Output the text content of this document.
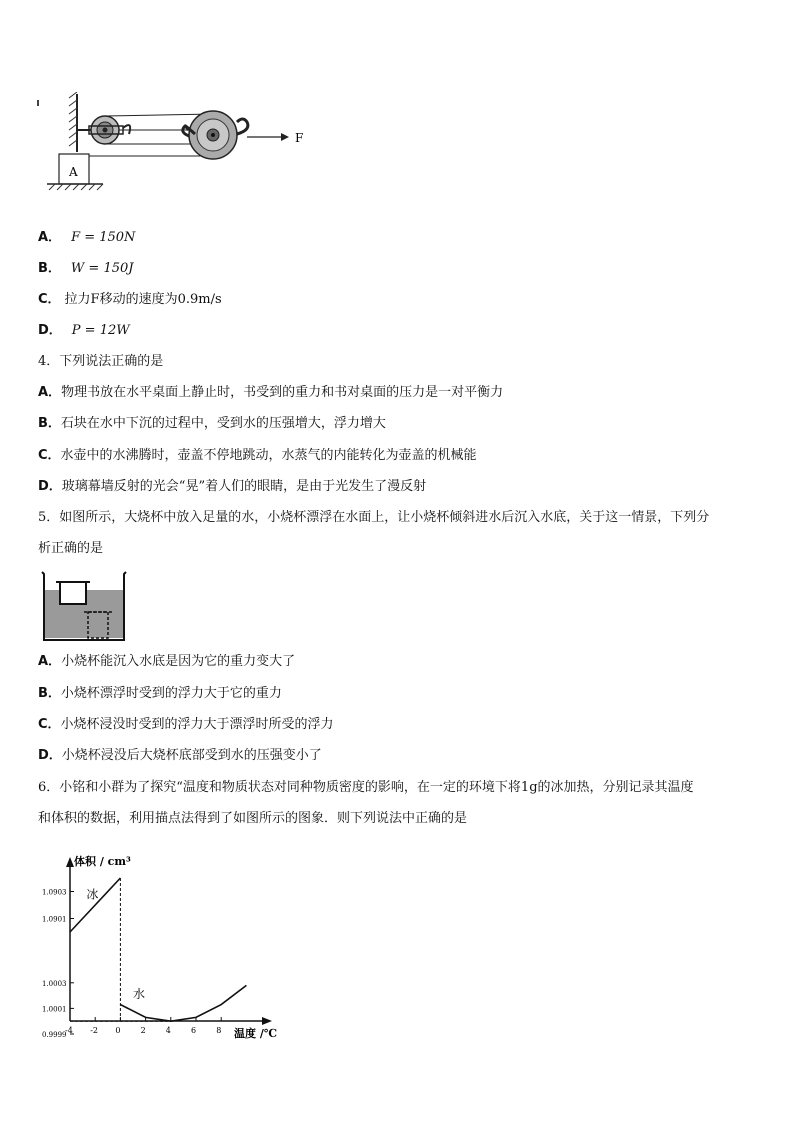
F
A
A． F = 150N
B． W = 150J
C． 拉力F移动的速度为0.9m/s
D． P = 12W
4．下列说法正确的是
A．物理书放在水平桌面上静止时，书受到的重力和书对桌面的压力是一对平衡力
B．石块在水中下沉的过程中，受到水的压强增大，浮力增大
C．水壶中的水沸腾时，壶盖不停地跳动，水蒸气的内能转化为壶盖的机械能
D．玻璃幕墙反射的光会“晃”着人们的眼睛，是由于光发生了漫反射
5．如图所示，大烧杯中放入足量的水，小烧杯漂浮在水面上，让小烧杯倾斜进水后沉入水底，关于这一情景，下列分
析正确的是
A．小烧杯能沉入水底是因为它的重力变大了
B．小烧杯漂浮时受到的浮力大于它的重力
C．小烧杯浸没时受到的浮力大于漂浮时所受的浮力
D．小烧杯浸没后大烧杯底部受到水的压强变小了
6．小铭和小群为了探究“温度和物质状态对同种物质密度的影响，在一定的环境下将1g的冰加热，分别记录其温度
和体积的数据，利用描点法得到了如图所示的图象．则下列说法中正确的是
体积 / cm³
温度 /℃
-4 -2 0	2	4	6	8
1.0903
1.0901
1.0003
1.0001
0.9999
冰
水
